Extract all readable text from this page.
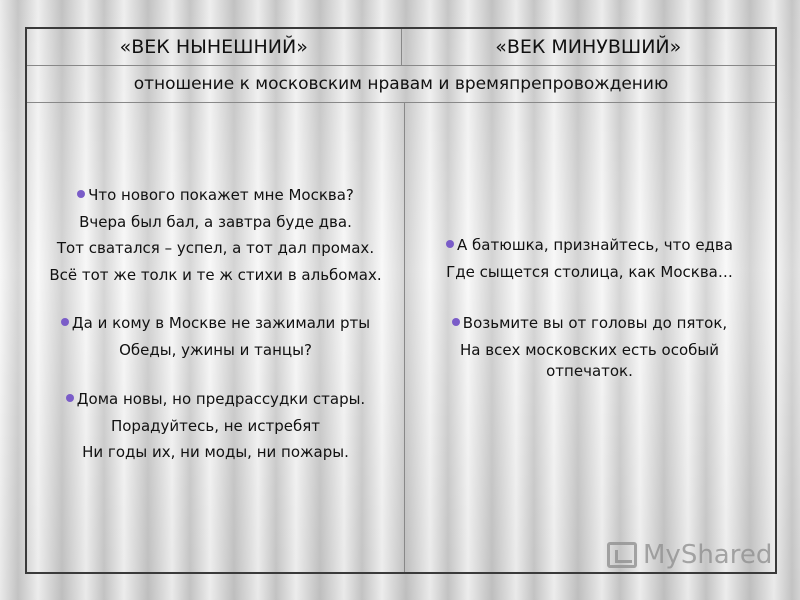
«ВЕК НЫНЕШНИЙ»	«ВЕК МИНУВШИЙ»
отношение к московским нравам и времяпрепровождению
Что нового покажет мне Москва?
Вчера был бал, а завтра буде два.
Тот сватался – успел, а тот дал промах.
Всё тот же толк и те ж стихи в альбомах.
Да и кому в Москве не зажимали рты
Обеды, ужины и танцы?
Дома новы, но предрассудки стары.
Порадуйтесь, не истребят
Ни годы их, ни моды, ни пожары.
А батюшка, признайтесь, что едва
Где сыщется столица, как Москва…
Возьмите вы от головы до пяток,
На всех московских есть особый
отпечаток.
MyShared
